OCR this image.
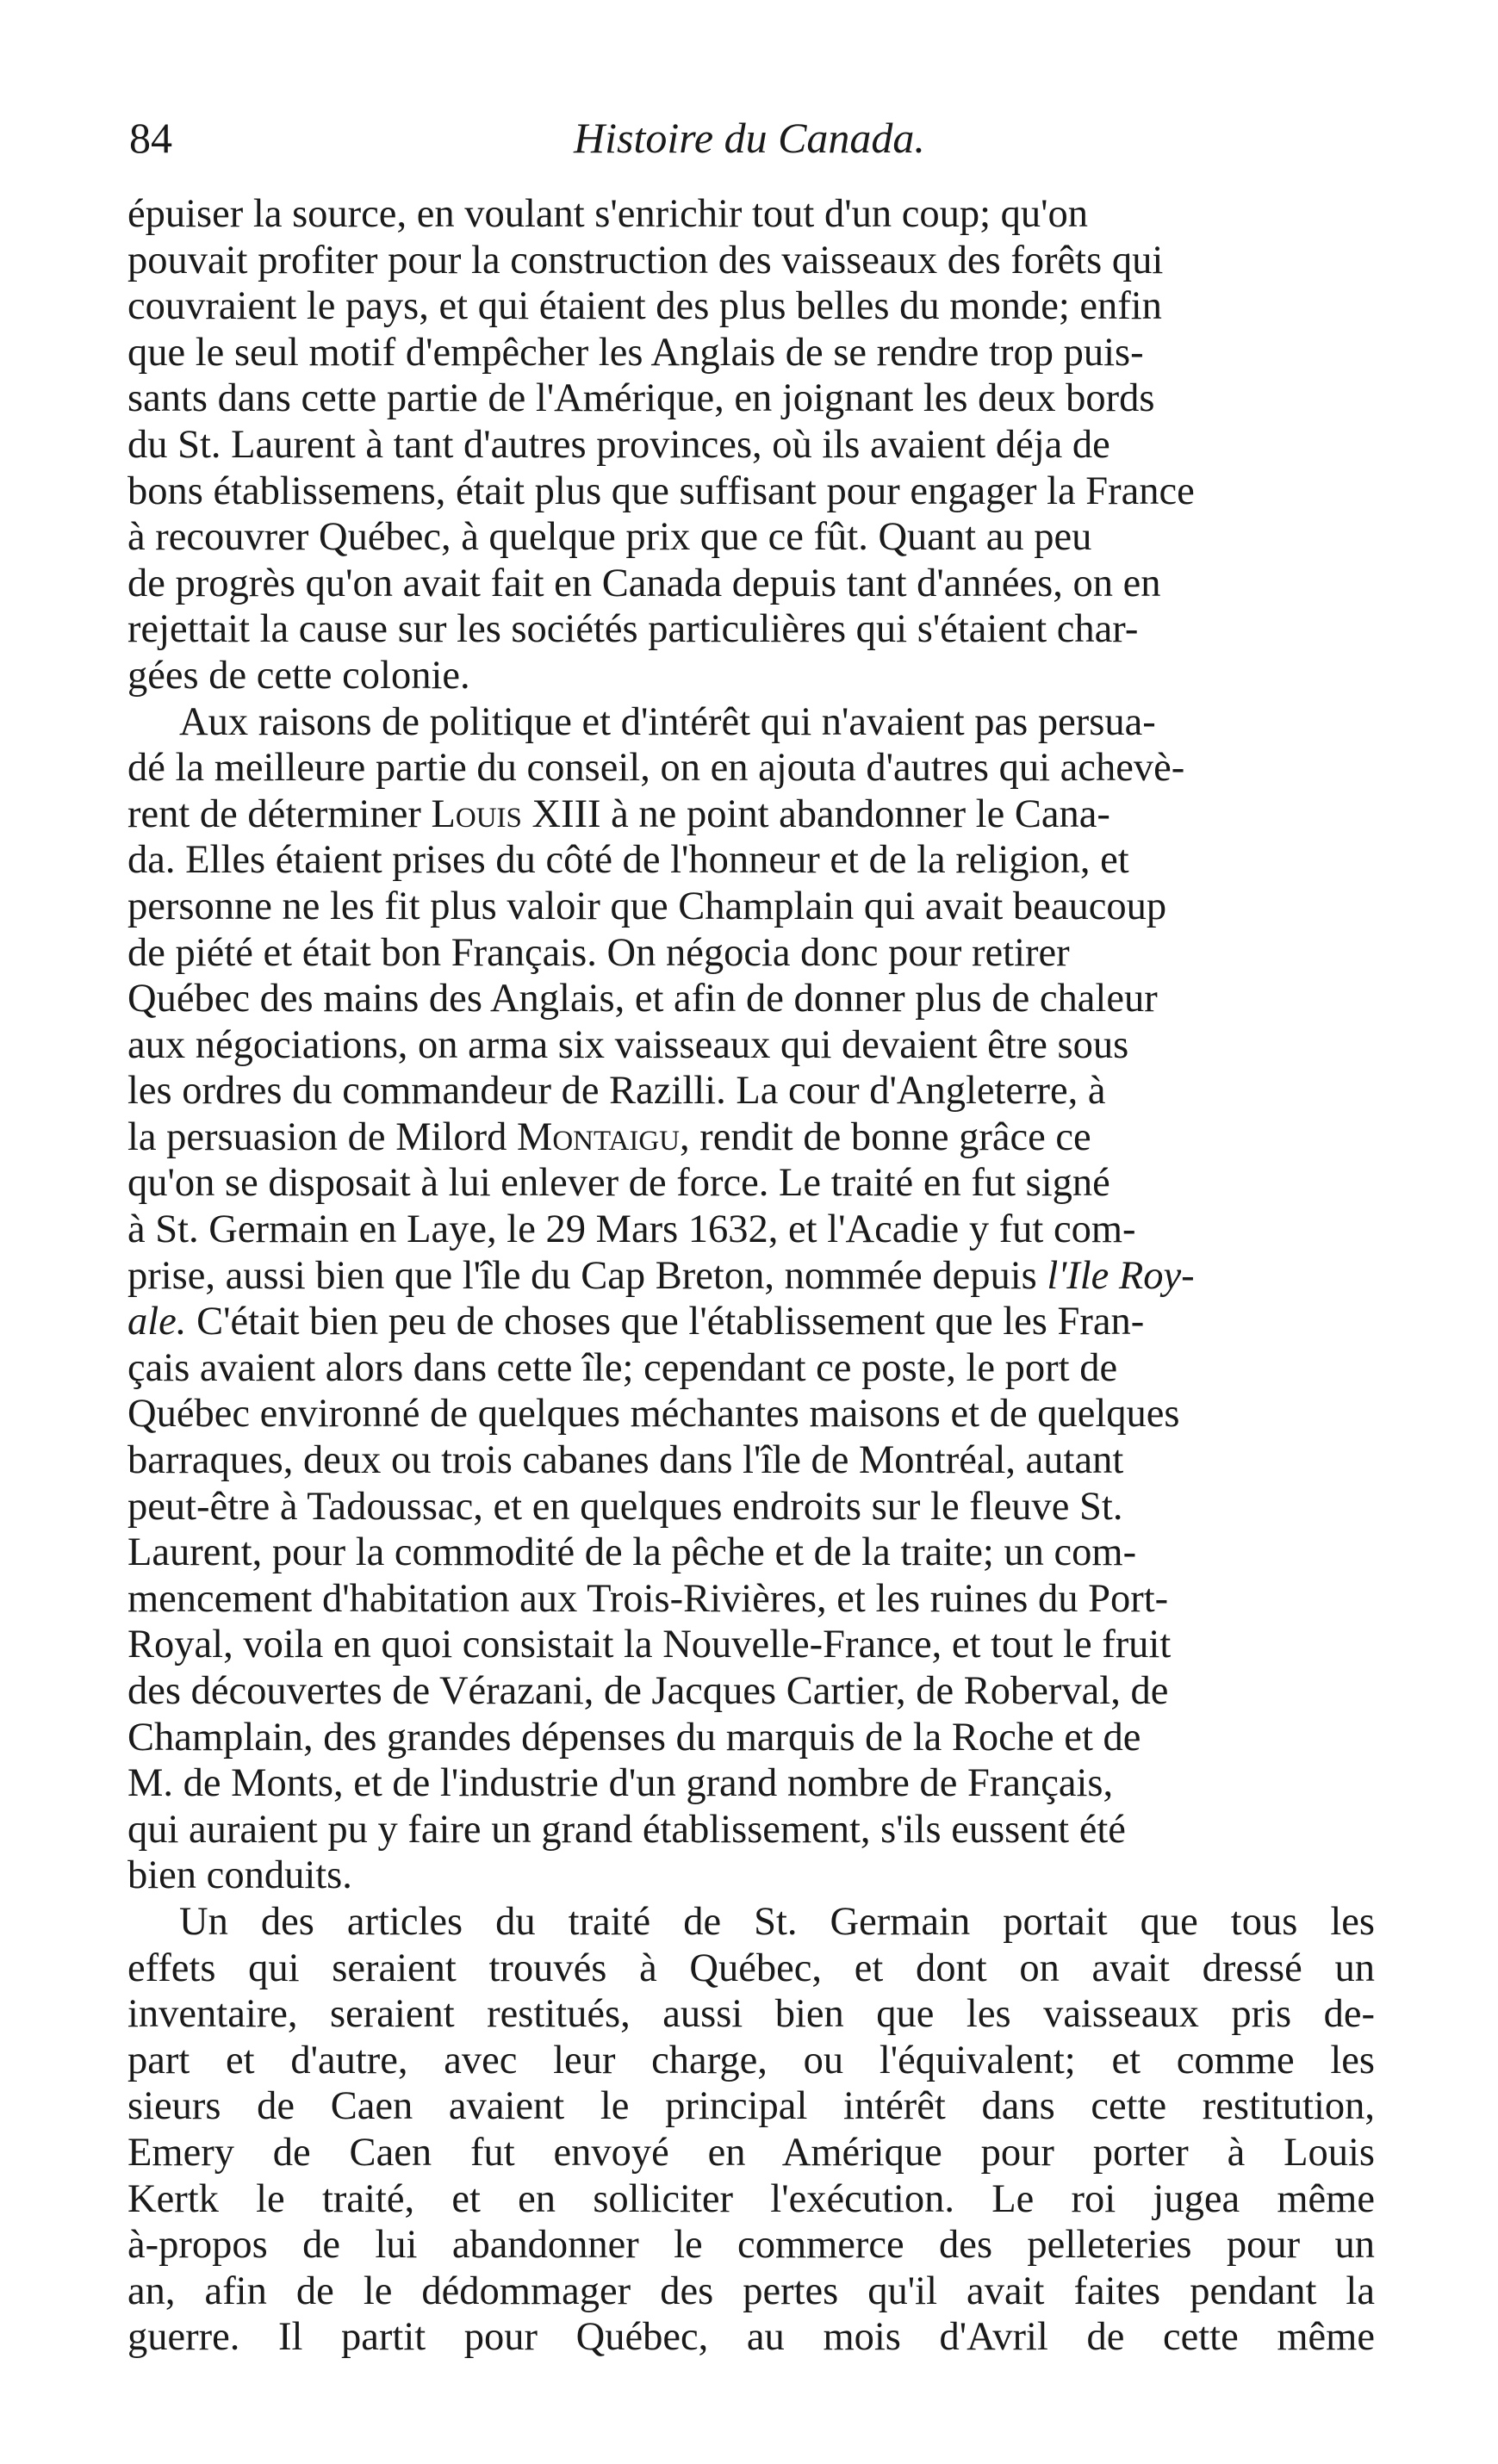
84	Histoire du Canada.

épuiser la source, en voulant s'enrichir tout d'un coup; qu'on
pouvait profiter pour la construction des vaisseaux des forêts qui
couvraient le pays, et qui étaient des plus belles du monde; enfin
que le seul motif d'empêcher les Anglais de se rendre trop puis-
sants dans cette partie de l'Amérique, en joignant les deux bords
du St. Laurent à tant d'autres provinces, où ils avaient déja de
bons établissemens, était plus que suffisant pour engager la France
à recouvrer Québec, à quelque prix que ce fût. Quant au peu
de progrès qu'on avait fait en Canada depuis tant d'années, on en
rejettait la cause sur les sociétés particulières qui s'étaient char-
gées de cette colonie.

Aux raisons de politique et d'intérêt qui n'avaient pas persua-
dé la meilleure partie du conseil, on en ajouta d'autres qui achevè-
rent de déterminer Louis XIII à ne point abandonner le Cana-
da. Elles étaient prises du côté de l'honneur et de la religion, et
personne ne les fit plus valoir que Champlain qui avait beaucoup
de piété et était bon Français. On négocia donc pour retirer
Québec des mains des Anglais, et afin de donner plus de chaleur
aux négociations, on arma six vaisseaux qui devaient être sous
les ordres du commandeur de Razilli. La cour d'Angleterre, à
la persuasion de Milord Montaigu, rendit de bonne grâce ce
qu'on se disposait à lui enlever de force. Le traité en fut signé
à St. Germain en Laye, le 29 Mars 1632, et l'Acadie y fut com-
prise, aussi bien que l'île du Cap Breton, nommée depuis l'Ile Roy-
ale. C'était bien peu de choses que l'établissement que les Fran-
çais avaient alors dans cette île; cependant ce poste, le port de
Québec environné de quelques méchantes maisons et de quelques
barraques, deux ou trois cabanes dans l'île de Montréal, autant
peut-être à Tadoussac, et en quelques endroits sur le fleuve St.
Laurent, pour la commodité de la pêche et de la traite; un com-
mencement d'habitation aux Trois-Rivières, et les ruines du Port-
Royal, voila en quoi consistait la Nouvelle-France, et tout le fruit
des découvertes de Vérazani, de Jacques Cartier, de Roberval, de
Champlain, des grandes dépenses du marquis de la Roche et de
M. de Monts, et de l'industrie d'un grand nombre de Français,
qui auraient pu y faire un grand établissement, s'ils eussent été
bien conduits.

Un des articles du traité de St. Germain portait que tous les
effets qui seraient trouvés à Québec, et dont on avait dressé un
inventaire, seraient restitués, aussi bien que les vaisseaux pris de-
part et d'autre, avec leur charge, ou l'équivalent; et comme les
sieurs de Caen avaient le principal intérêt dans cette restitution,
Emery de Caen fut envoyé en Amérique pour porter à Louis
Kertk le traité, et en solliciter l'exécution. Le roi jugea même
à-propos de lui abandonner le commerce des pelleteries pour un
an, afin de le dédommager des pertes qu'il avait faites pendant la
guerre. Il partit pour Québec, au mois d'Avril de cette même
